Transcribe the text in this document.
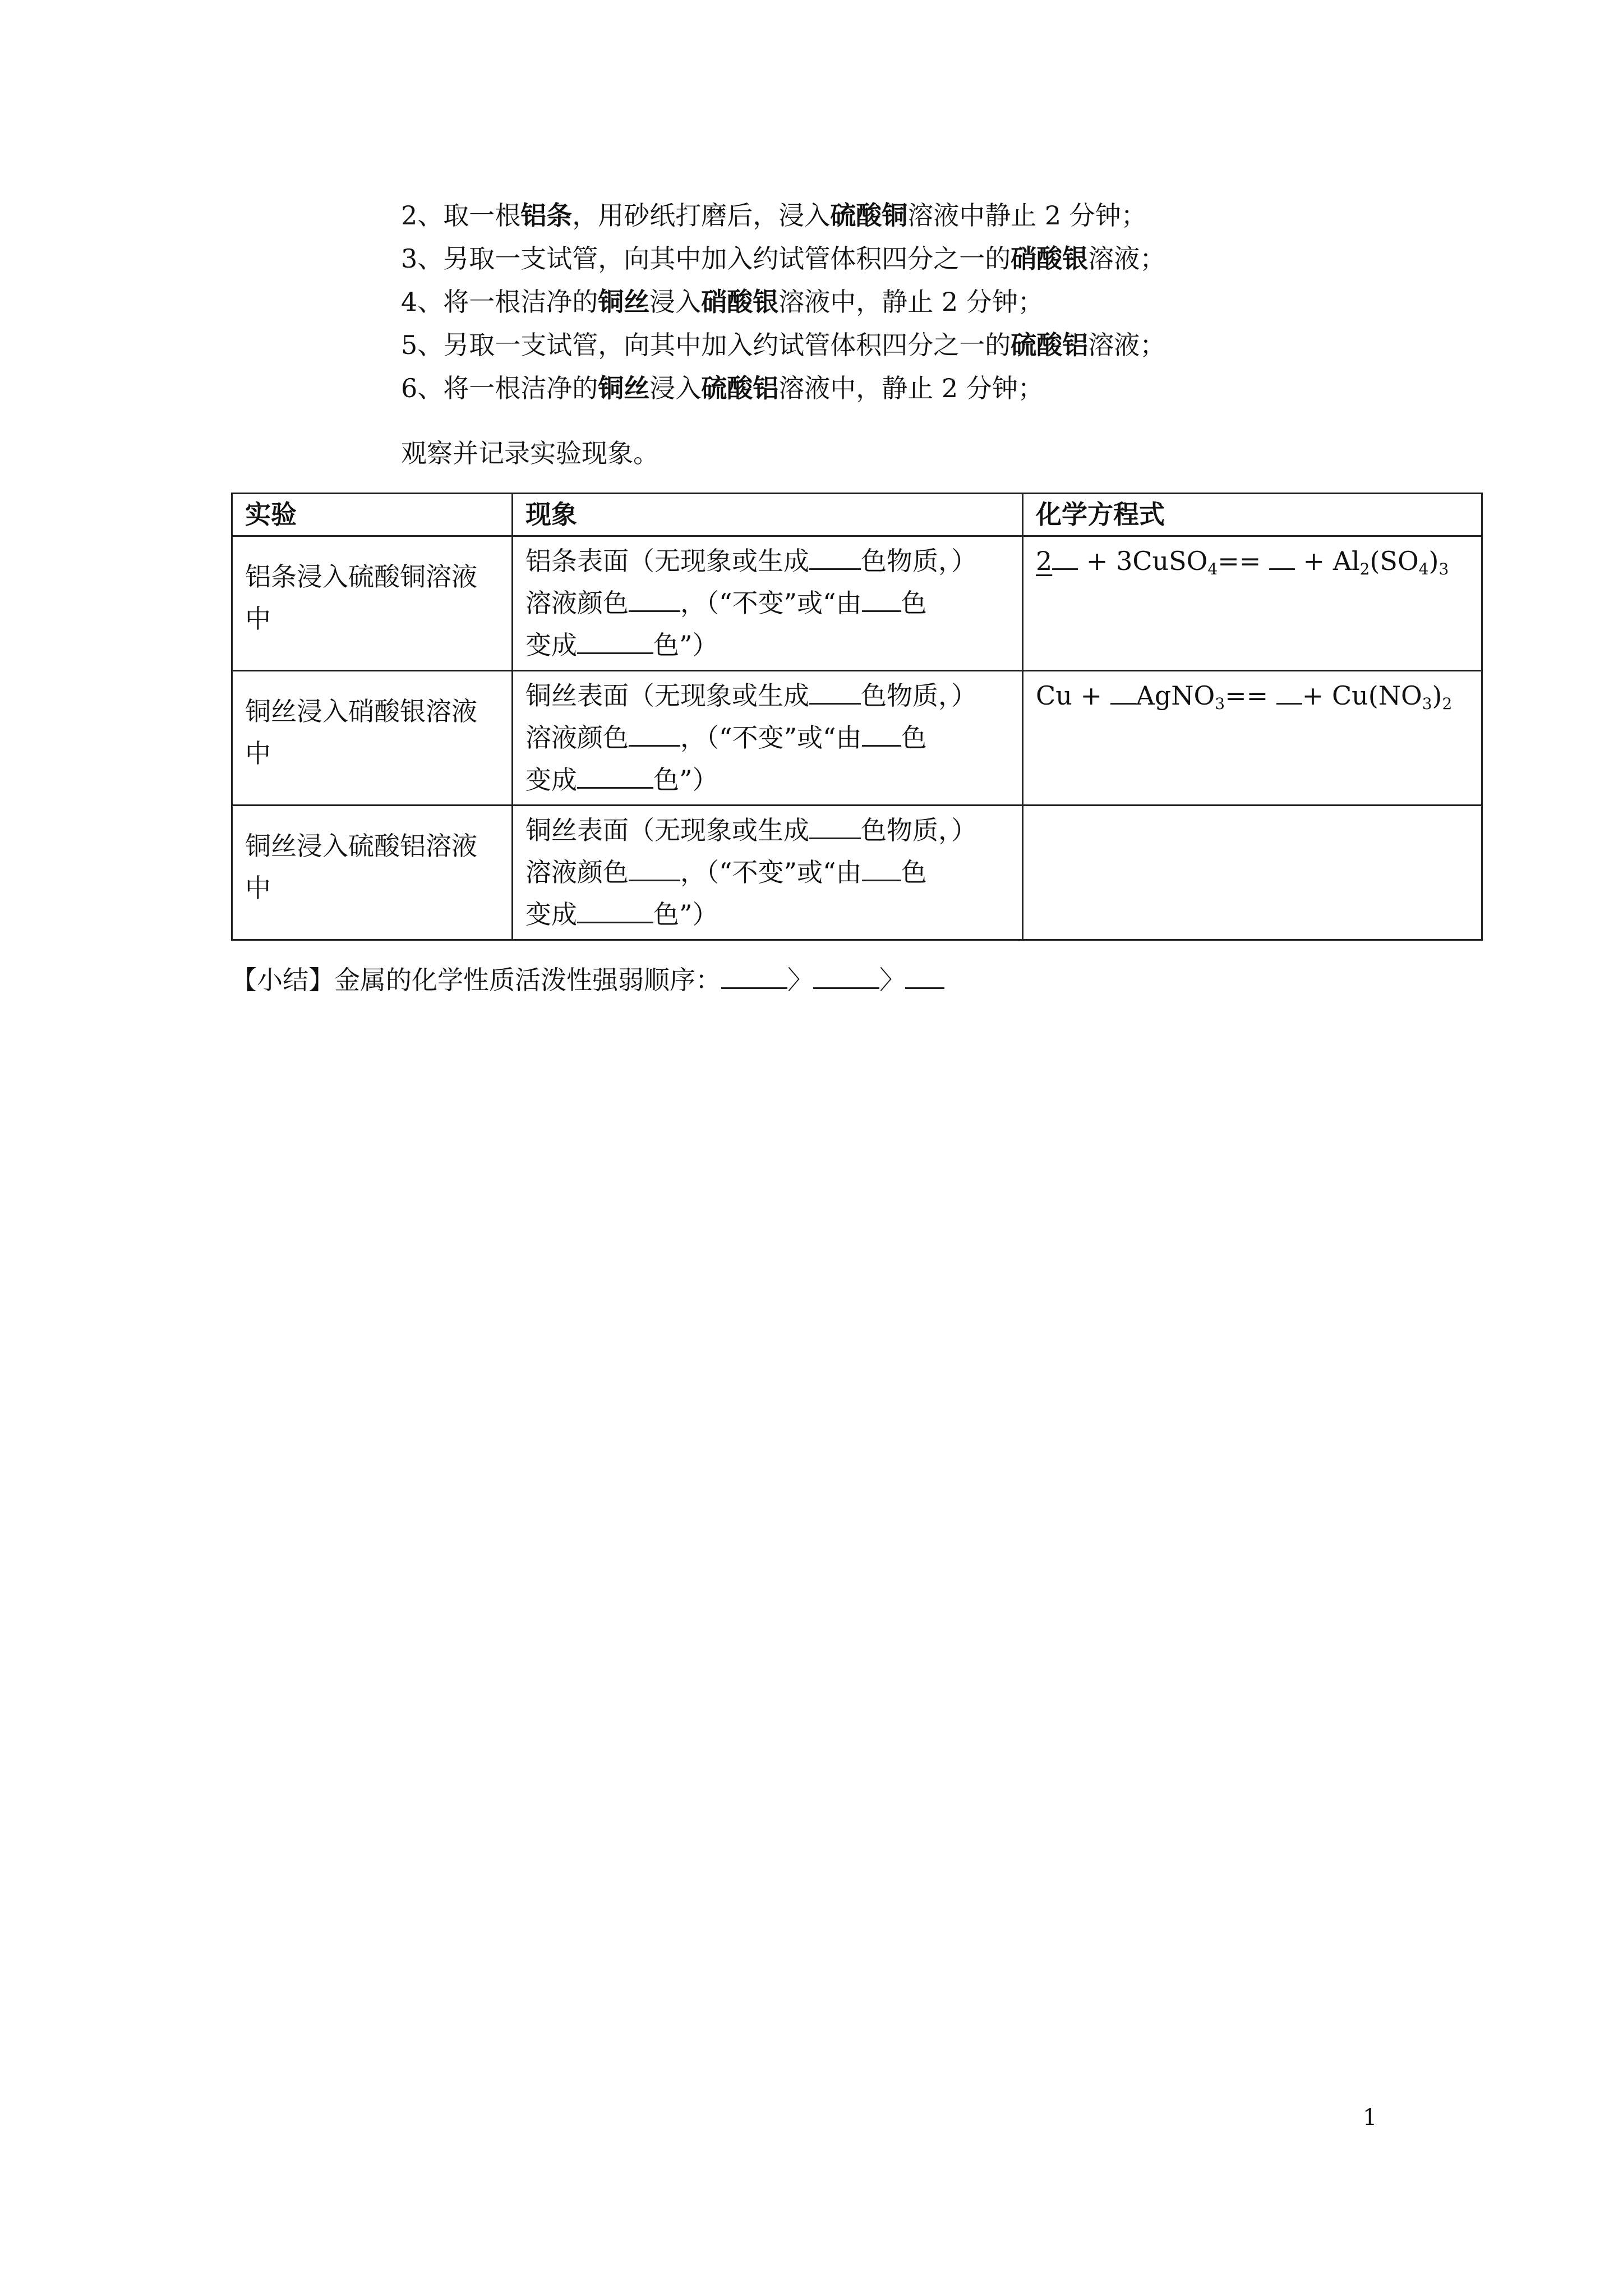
2、取一根铝条，用砂纸打磨后，浸入硫酸铜溶液中静止 2 分钟；
3、另取一支试管，向其中加入约试管体积四分之一的硝酸银溶液；
4、将一根洁净的铜丝浸入硝酸银溶液中，静止 2 分钟；
5、另取一支试管，向其中加入约试管体积四分之一的硫酸铝溶液；
6、将一根洁净的铜丝浸入硫酸铝溶液中，静止 2 分钟；
观察并记录实验现象。
实验	现象	化学方程式
铝条浸入硫酸铜溶液中	铝条表面（无现象或生成 色物质，）
溶液颜色 ，（“不变”或“由 色
变成 色”）	2 + 3CuSO$_4$==  + $Al_2(SO_4)_3$

铜丝浸入硝酸银溶液中	铜丝表面（无现象或生成 色物质，）
溶液颜色 ，（“不变”或“由 色
变成 色”）	Cu + AgNO$_3$== + $Cu(NO_3)_2$

铜丝浸入硫酸铝溶液中	铜丝表面（无现象或生成 色物质，）
溶液颜色 ，（“不变”或“由 色
变成 色”）	

【小结】金属的化学性质活泼性强弱顺序：	〉	〉
1
